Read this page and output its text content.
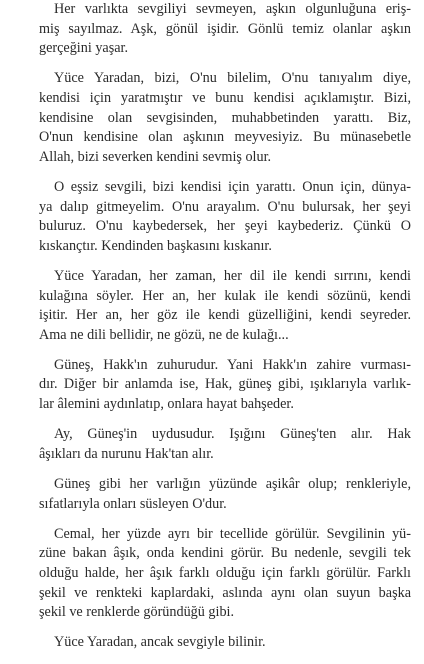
Her varlıkta sevgiliyi sevmeyen, aşkın olgunluğuna eriş-
miş sayılmaz. Aşk, gönül işidir. Gönlü temiz olanlar aşkın
gerçeğini yaşar.
Yüce Yaradan, bizi, O'nu bilelim, O'nu tanıyalım diye,
kendisi için yaratmıştır ve bunu kendisi açıklamıştır. Bizi,
kendisine olan sevgisinden, muhabbetinden yarattı. Biz,
O'nun kendisine olan aşkının meyvesiyiz. Bu münasebetle
Allah, bizi severken kendini sevmiş olur.
O eşsiz sevgili, bizi kendisi için yarattı. Onun için, dünya-
ya dalıp gitmeyelim. O'nu arayalım. O'nu bulursak, her şeyi
buluruz. O'nu kaybedersek, her şeyi kaybederiz. Çünkü O
kıskançtır. Kendinden başkasını kıskanır.
Yüce Yaradan, her zaman, her dil ile kendi sırrını, kendi
kulağına söyler. Her an, her kulak ile kendi sözünü, kendi
işitir. Her an, her göz ile kendi güzelliğini, kendi seyreder.
Ama ne dili bellidir, ne gözü, ne de kulağı...
Güneş, Hakk'ın zuhurudur. Yani Hakk'ın zahire vurması-
dır. Diğer bir anlamda ise, Hak, güneş gibi, ışıklarıyla varlık-
lar âlemini aydınlatıp, onlara hayat bahşeder.
Ay, Güneş'in uydusudur. Işığını Güneş'ten alır. Hak
âşıkları da nurunu Hak'tan alır.
Güneş gibi her varlığın yüzünde aşikâr olup; renkleriyle,
sıfatlarıyla onları süsleyen O'dur.
Cemal, her yüzde ayrı bir tecellide görülür. Sevgilinin yü-
züne bakan âşık, onda kendini görür. Bu nedenle, sevgili tek
olduğu halde, her âşık farklı olduğu için farklı görülür. Farklı
şekil ve renkteki kaplardaki, aslında aynı olan suyun başka
şekil ve renklerde göründüğü gibi.
Yüce Yaradan, ancak sevgiyle bilinir.
